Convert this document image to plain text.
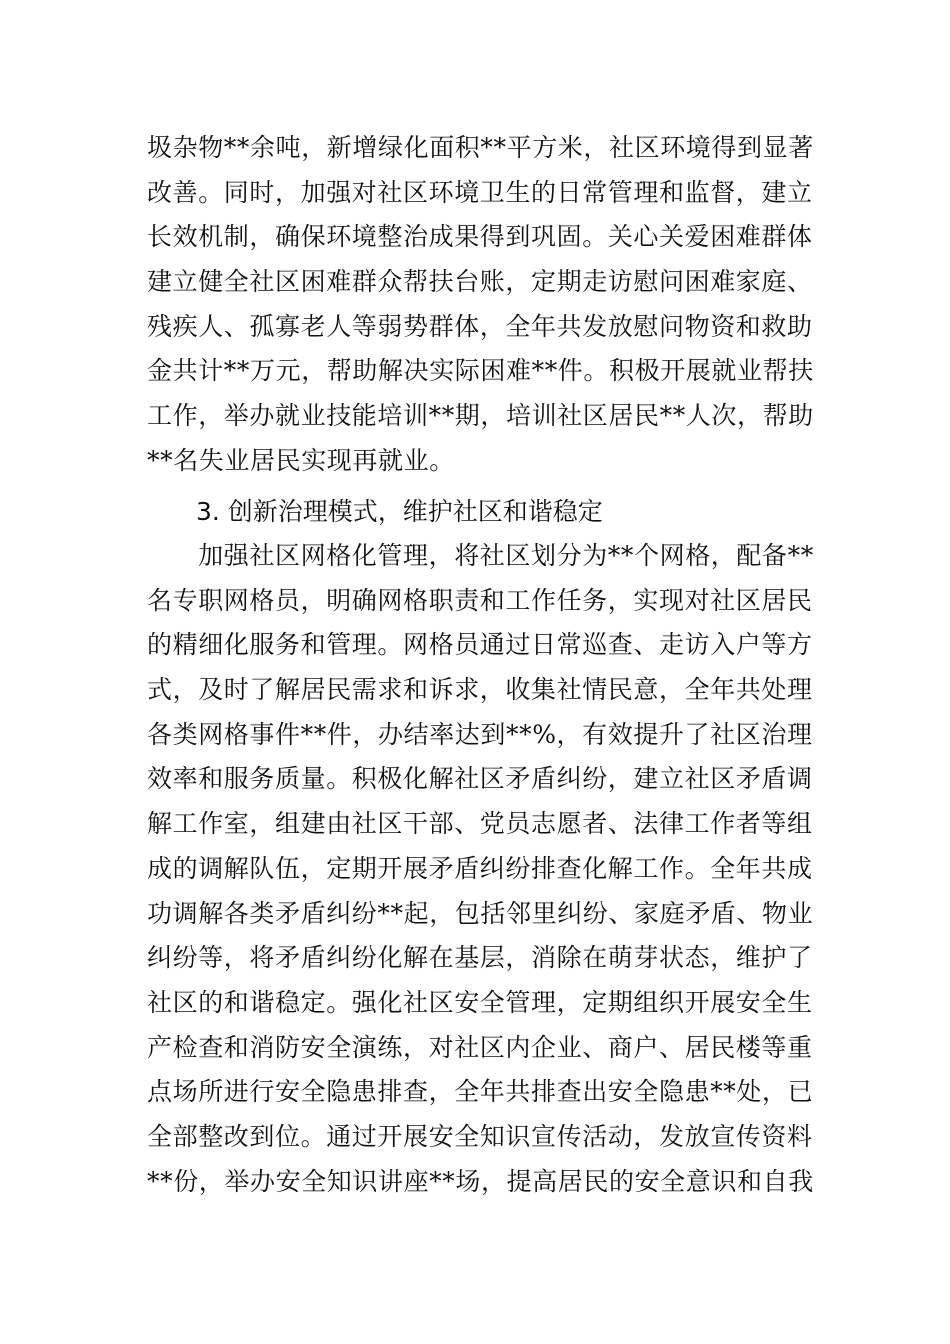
圾杂物**余吨，新增绿化面积**平方米，社区环境得到显著
改善。同时，加强对社区环境卫生的日常管理和监督，建立
长效机制，确保环境整治成果得到巩固。关心关爱困难群体
建立健全社区困难群众帮扶台账，定期走访慰问困难家庭、
残疾人、孤寡老人等弱势群体，全年共发放慰问物资和救助
金共计**万元，帮助解决实际困难**件。积极开展就业帮扶
工作，举办就业技能培训**期，培训社区居民**人次，帮助
**名失业居民实现再就业。
3. 创新治理模式，维护社区和谐稳定
　　加强社区网格化管理，将社区划分为**个网格，配备**
名专职网格员，明确网格职责和工作任务，实现对社区居民
的精细化服务和管理。网格员通过日常巡查、走访入户等方
式，及时了解居民需求和诉求，收集社情民意，全年共处理
各类网格事件**件，办结率达到**%，有效提升了社区治理
效率和服务质量。积极化解社区矛盾纠纷，建立社区矛盾调
解工作室，组建由社区干部、党员志愿者、法律工作者等组
成的调解队伍，定期开展矛盾纠纷排查化解工作。全年共成
功调解各类矛盾纠纷**起，包括邻里纠纷、家庭矛盾、物业
纠纷等，将矛盾纠纷化解在基层，消除在萌芽状态，维护了
社区的和谐稳定。强化社区安全管理，定期组织开展安全生
产检查和消防安全演练，对社区内企业、商户、居民楼等重
点场所进行安全隐患排查，全年共排查出安全隐患**处，已
全部整改到位。通过开展安全知识宣传活动，发放宣传资料
**份，举办安全知识讲座**场，提高居民的安全意识和自我
